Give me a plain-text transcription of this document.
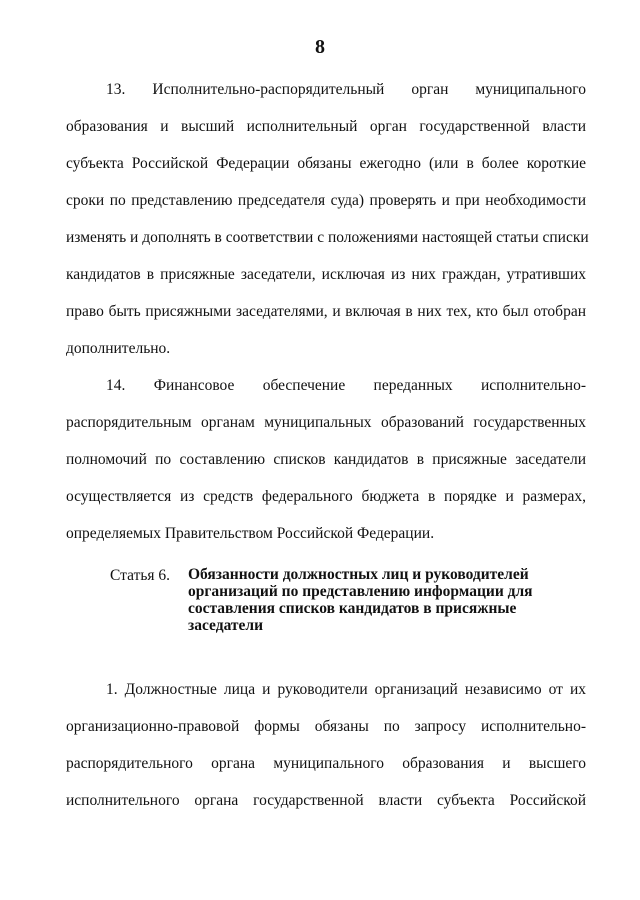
8
13. Исполнительно-распорядительный орган муниципального
образования и высший исполнительный орган государственной власти
субъекта Российской Федерации обязаны ежегодно (или в более короткие
сроки по представлению председателя суда) проверять и при необходимости
изменять и дополнять в соответствии с положениями настоящей статьи списки
кандидатов в присяжные заседатели, исключая из них граждан, утративших
право быть присяжными заседателями, и включая в них тех, кто был отобран
дополнительно.
14. Финансовое обеспечение переданных исполнительно-
распорядительным органам муниципальных образований государственных
полномочий по составлению списков кандидатов в присяжные заседатели
осуществляется из средств федерального бюджета в порядке и размерах,
определяемых Правительством Российской Федерации.
Статья 6. Обязанности должностных лиц и руководителей
организаций по представлению информации для
составления списков кандидатов в присяжные
заседатели
1. Должностные лица и руководители организаций независимо от их
организационно-правовой формы обязаны по запросу исполнительно-
распорядительного органа муниципального образования и высшего
исполнительного органа государственной власти субъекта Российской
